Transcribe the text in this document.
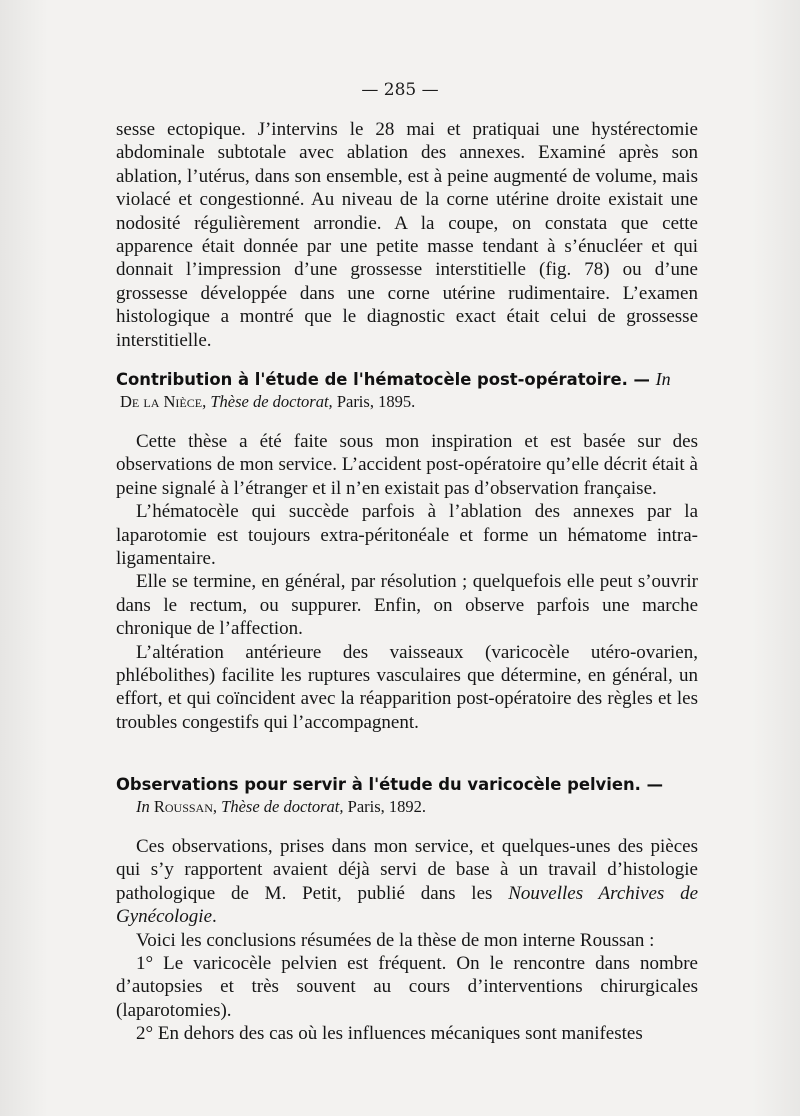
— 285 —

sesse ectopique. J’intervins le 28 mai et pratiquai une hystérectomie abdominale subtotale avec ablation des annexes. Examiné après son ablation, l’utérus, dans son ensemble, est à peine augmenté de volume, mais violacé et congestionné. Au niveau de la corne utérine droite existait une nodosité régulièrement arrondie. A la coupe, on constata que cette apparence était donnée par une petite masse tendant à s’énucléer et qui donnait l’impression d’une grossesse interstitielle (fig. 78) ou d’une grossesse développée dans une corne utérine rudimentaire. L’examen histologique a montré que le diagnostic exact était celui de grossesse interstitielle.

Contribution à l'étude de l'hématocèle post-opératoire. — In

De la Nièce, Thèse de doctorat, Paris, 1895.

Cette thèse a été faite sous mon inspiration et est basée sur des observations de mon service. L’accident post-opératoire qu’elle décrit était à peine signalé à l’étranger et il n’en existait pas d’observation française.

L’hématocèle qui succède parfois à l’ablation des annexes par la laparotomie est toujours extra-péritonéale et forme un hématome intra-ligamentaire.

Elle se termine, en général, par résolution ; quelquefois elle peut s’ouvrir dans le rectum, ou suppurer. Enfin, on observe parfois une marche chronique de l’affection.

L’altération antérieure des vaisseaux (varicocèle utéro-ovarien, phlébolithes) facilite les ruptures vasculaires que détermine, en général, un effort, et qui coïncident avec la réapparition post-opératoire des règles et les troubles congestifs qui l’accompagnent.

Observations pour servir à l'étude du varicocèle pelvien. —

In Roussan, Thèse de doctorat, Paris, 1892.

Ces observations, prises dans mon service, et quelques-unes des pièces qui s’y rapportent avaient déjà servi de base à un travail d’histologie pathologique de M. Petit, publié dans les Nouvelles Archives de Gynécologie.

Voici les conclusions résumées de la thèse de mon interne Roussan :

1° Le varicocèle pelvien est fréquent. On le rencontre dans nombre d’autopsies et très souvent au cours d’interventions chirurgicales (laparotomies).

2° En dehors des cas où les influences mécaniques sont manifestes
